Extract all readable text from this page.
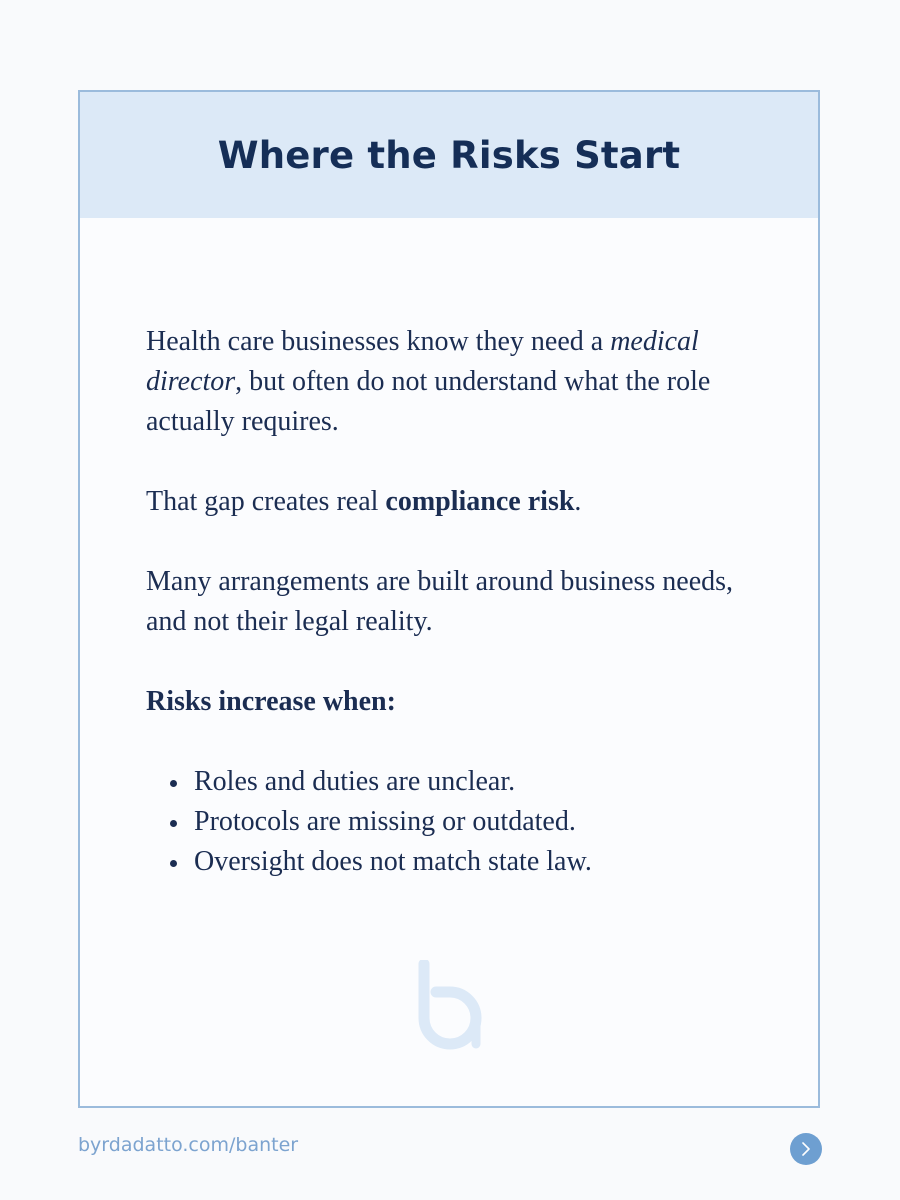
Where the Risks Start

Health care businesses know they need a medical director, but often do not understand what the role actually requires.

That gap creates real compliance risk.

Many arrangements are built around business needs, and not their legal reality.

Risks increase when:

Roles and duties are unclear.
Protocols are missing or outdated.
Oversight does not match state law.
byrdadatto.com/banter
